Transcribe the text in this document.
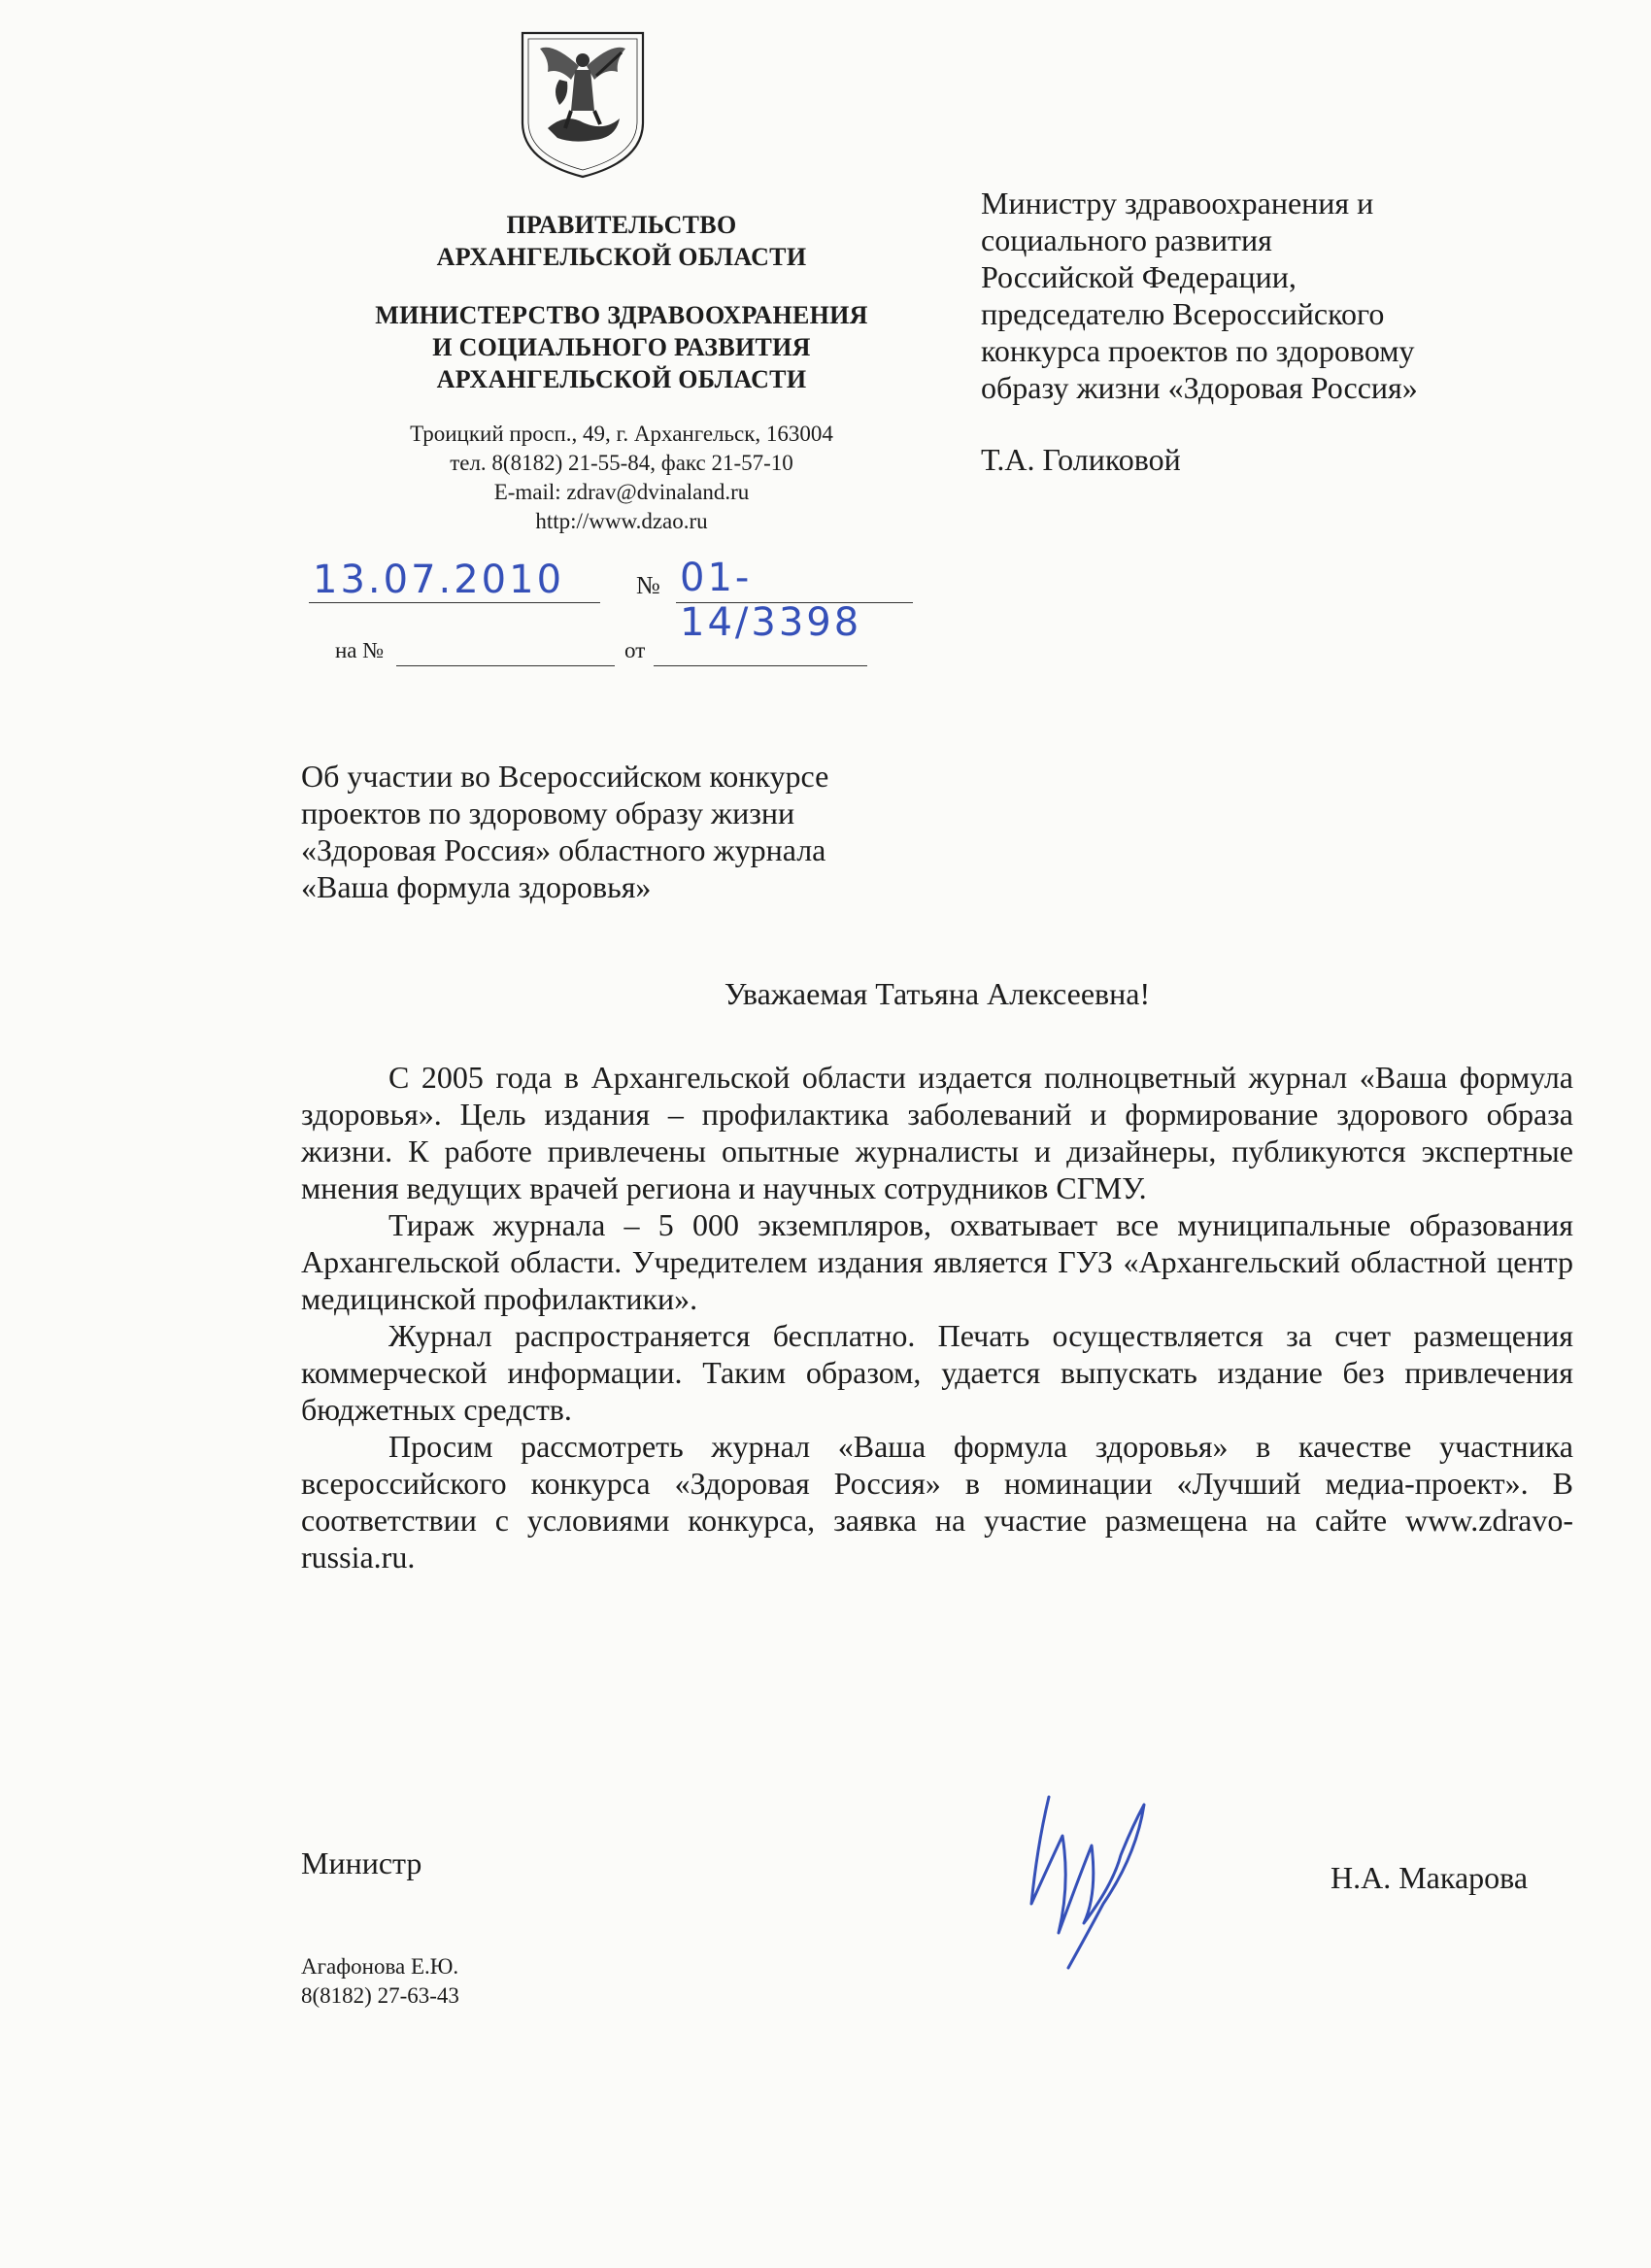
ПРАВИТЕЛЬСТВО
АРХАНГЕЛЬСКОЙ ОБЛАСТИ
МИНИСТЕРСТВО ЗДРАВООХРАНЕНИЯ
И СОЦИАЛЬНОГО РАЗВИТИЯ
АРХАНГЕЛЬСКОЙ ОБЛАСТИ
Троицкий просп., 49, г. Архангельск, 163004
тел. 8(8182) 21-55-84, факс 21-57-10
E-mail: zdrav@dvinaland.ru
http://www.dzao.ru
13.07.2010	№ 01-14/3398
на №	от
Министру здравоохранения и
социального развития
Российской Федерации,
председателю Всероссийского
конкурса проектов по здоровому
образу жизни «Здоровая Россия»
Т.А. Голиковой
Об участии во Всероссийском конкурсе
проектов по здоровому образу жизни
«Здоровая Россия» областного журнала
«Ваша формула здоровья»
Уважаемая Татьяна Алексеевна!

С 2005 года в Архангельской области издается полноцветный журнал «Ваша формула здоровья». Цель издания – профилактика заболеваний и формирование здорового образа жизни. К работе привлечены опытные журналисты и дизайнеры, публикуются экспертные мнения ведущих врачей региона и научных сотрудников СГМУ.

Тираж журнала – 5 000 экземпляров, охватывает все муниципальные образования Архангельской области. Учредителем издания является ГУЗ «Архангельский областной центр медицинской профилактики».

Журнал распространяется бесплатно. Печать осуществляется за счет размещения коммерческой информации. Таким образом, удается выпускать издание без привлечения бюджетных средств.

Просим рассмотреть журнал «Ваша формула здоровья» в качестве участника всероссийского конкурса «Здоровая Россия» в номинации «Лучший медиа-проект». В соответствии с условиями конкурса, заявка на участие размещена на сайте www.zdravo-russia.ru.

Министр	Н.А. Макарова
Агафонова Е.Ю.
8(8182) 27-63-43
